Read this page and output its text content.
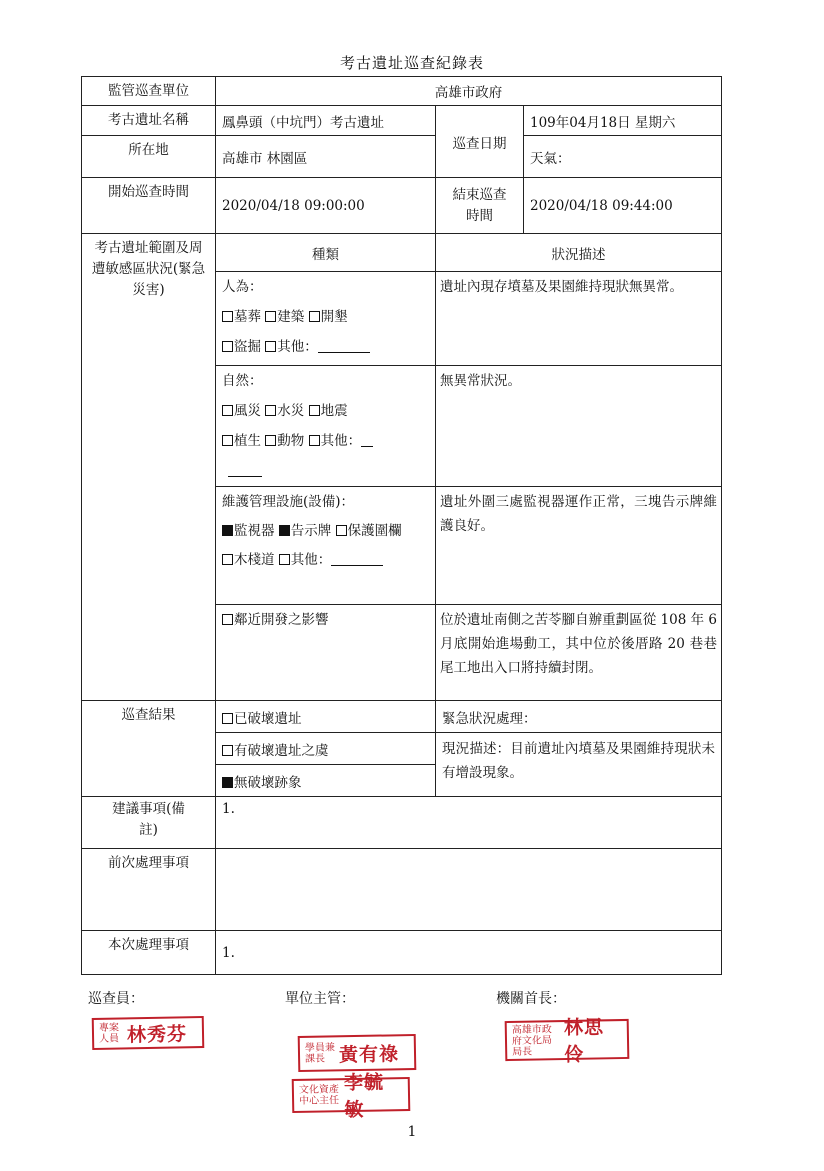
考古遺址巡查紀錄表
監管巡查單位	高雄市政府		
考古遺址名稱	鳳鼻頭（中坑門）考古遺址	巡查日期	109年04月18日 星期六
所在地	高雄市 林園區		天氣：
開始巡查時間	2020/04/18 09:00:00	結束巡查時間	2020/04/18 09:44:00
考古遺址範圍及周遭敏感區狀況(緊急災害)	種類	狀況描述	

	人為：
墓葬 建築 開墾
盜掘 其他：	遺址內現存墳墓及果園維持現狀無異常。	

	自然：
風災 水災 地震
植生 動物 其他：	無異常狀況。	

	維護管理設施(設備)：
監視器 告示牌 保護圍欄
木棧道 其他：	遺址外圍三處監視器運作正常，三塊告示牌維護良好。	

	鄰近開發之影響	位於遺址南側之苦苓腳自辦重劃區從 108 年 6 月底開始進場動工，其中位於後厝路 20 巷巷尾工地出入口將持續封閉。	
巡查結果	已破壞遺址	緊急狀況處理：	
	有破壞遺址之虞	現況描述：目前遺址內墳墓及果園維持現狀未有增設現象。	
	無破壞跡象		
建議事項(備註)	1.		
前次處理事項			
本次處理事項	1.		
巡查員：	單位主管：	機關首長：
專案人員 林秀芬
學員兼課長 黃有祿
文化資產中心主任
李毓敏
高雄市政府文化局局長
林思伶
1
